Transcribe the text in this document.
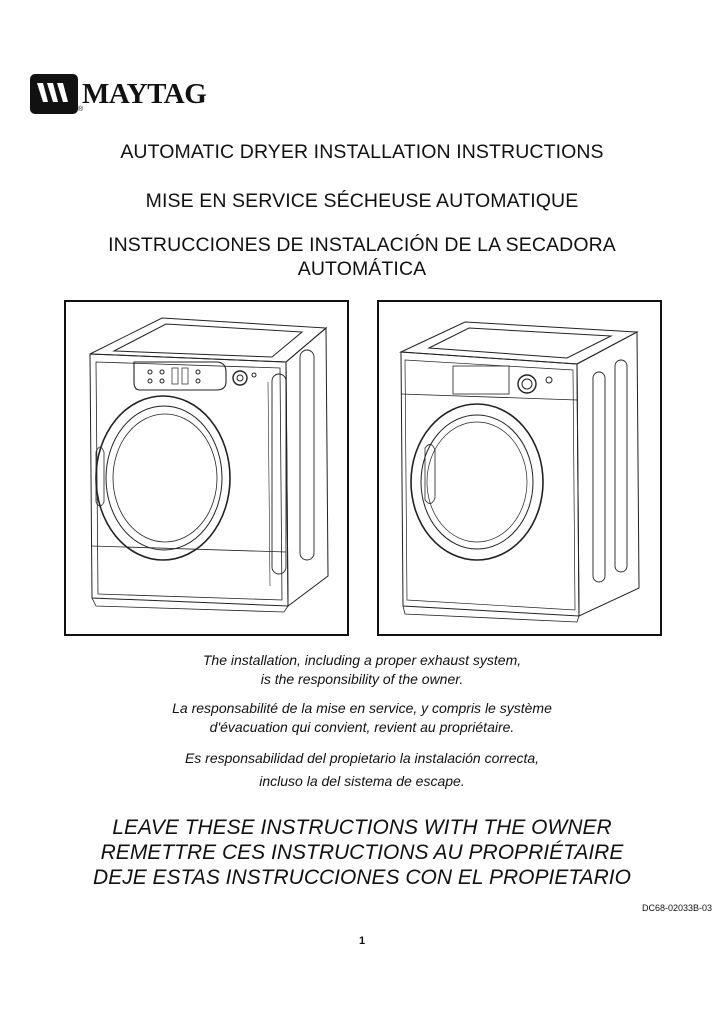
MAYTAG
®
AUTOMATIC DRYER INSTALLATION INSTRUCTIONS
MISE EN SERVICE SÉCHEUSE AUTOMATIQUE
INSTRUCCIONES DE INSTALACIÓN DE LA SECADORA
AUTOMÁTICA
The installation, including a proper exhaust system,
is the responsibility of the owner.
La responsabilité de la mise en service, y compris le système
d'évacuation qui convient, revient au propriétaire.
Es responsabilidad del propietario la instalación correcta,
incluso la del sistema de escape.
LEAVE THESE INSTRUCTIONS WITH THE OWNER
REMETTRE CES INSTRUCTIONS AU PROPRIÉTAIRE
DEJE ESTAS INSTRUCCIONES CON EL PROPIETARIO
DC68-02033B-03
1
